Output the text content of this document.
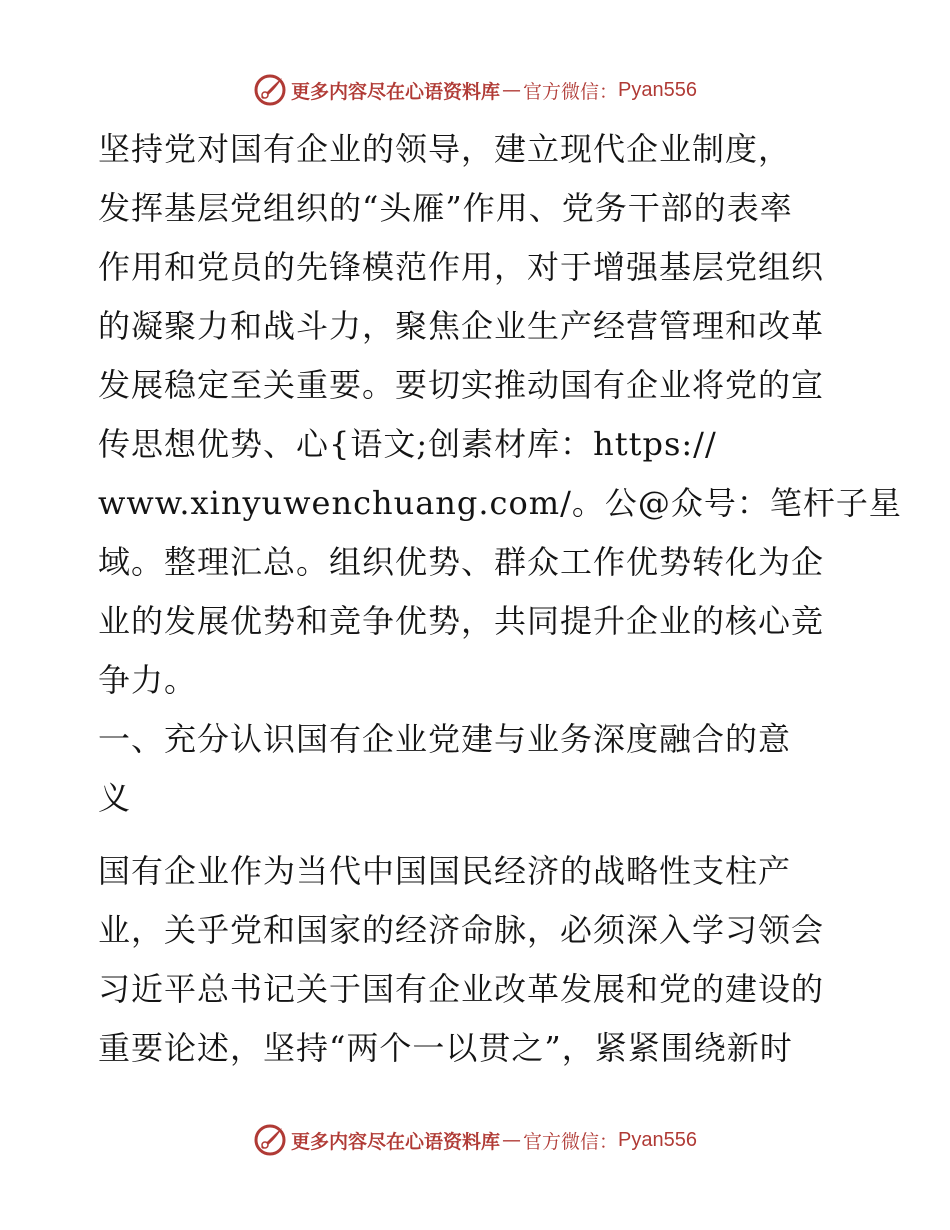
更多内容尽在心语资料库 — 官方微信： Pyan556
坚持党对国有企业的领导，建立现代企业制度，
发挥基层党组织的“头雁”作用、党务干部的表率
作用和党员的先锋模范作用，对于增强基层党组织
的凝聚力和战斗力，聚焦企业生产经营管理和改革
发展稳定至关重要。要切实推动国有企业将党的宣
传思想优势、心{语文;创素材库：https://
www.xinyuwenchuang.com/。公@众号：笔杆子星
域。整理汇总。组织优势、群众工作优势转化为企
业的发展优势和竞争优势，共同提升企业的核心竞
争力。
一、充分认识国有企业党建与业务深度融合的意
义
国有企业作为当代中国国民经济的战略性支柱产
业，关乎党和国家的经济命脉，必须深入学习领会
习近平总书记关于国有企业改革发展和党的建设的
重要论述，坚持“两个一以贯之”，紧紧围绕新时
更多内容尽在心语资料库 — 官方微信： Pyan556
